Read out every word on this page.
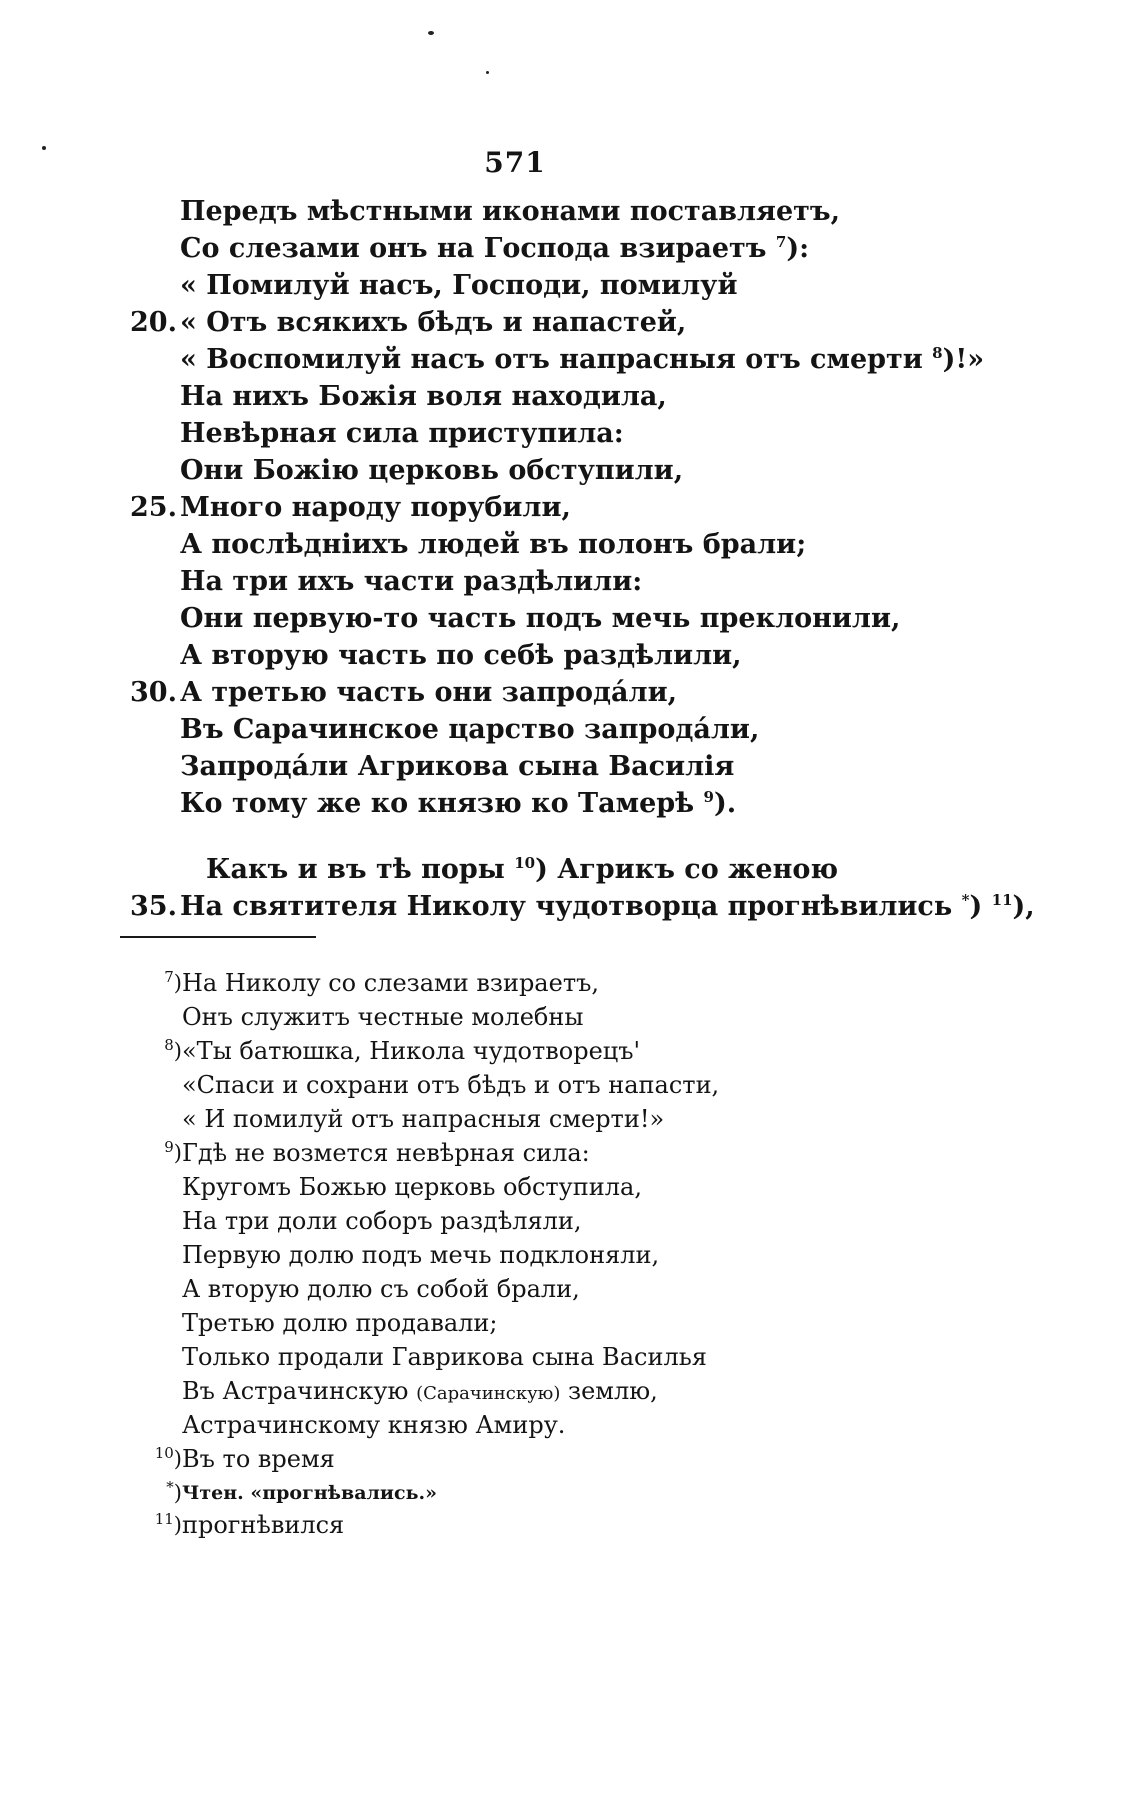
571
Передъ мѣстными иконами поставляетъ,
Со слезами онъ на Господа взираетъ $^7$):
« Помилуй насъ, Господи, помилуй
20. « Отъ всякихъ бѣдъ и напастей,
« Воспомилуй насъ отъ напрасныя отъ смерти $^8$)!»
На нихъ Божія воля находила,
Невѣрная сила приступила:
Они Божію церковь обступили,
25. Много народу порубили,
А послѣднiихъ людей въ полонъ брали;
На три ихъ части раздѣлили:
Они первую-то часть подъ мечь преклонили,
А вторую часть по себѣ раздѣлили,
30. А третью часть они запродáли,
Въ Сарачинское царство запродáли,
Запродáли Агрикова сына Василія
Ко тому же ко князю ко Тамерѣ $^9$).
Какъ и въ тѣ поры $^{10}$) Агрикъ со женою
35. На святителя Николу чудотворца прогнѣвились *) $^{11}$),
$^7$) На Николу со слезами взираетъ,
Онъ служитъ честные молебны
$^8$) «Ты батюшка, Никола чудотворецъ'
«Спаси и сохрани отъ бѣдъ и отъ напасти,
« И помилуй отъ напрасныя смерти!»
$^9$) Гдѣ не возмется невѣрная сила:
Кругомъ Божью церковь обступила,
На три доли соборъ раздѣляли,
Первую долю подъ мечь подклоняли,
А вторую долю съ собой брали,
Третью долю продавали;
Только продали Гаврикова сына Василья
Въ Астрачинскую (Сарачинскую) землю,
Астрачинскому князю Амиру.
$^{10}$) Въ то время
*) Чтен. «прогнѣвались.»
$^{11}$) прогнѣвился
